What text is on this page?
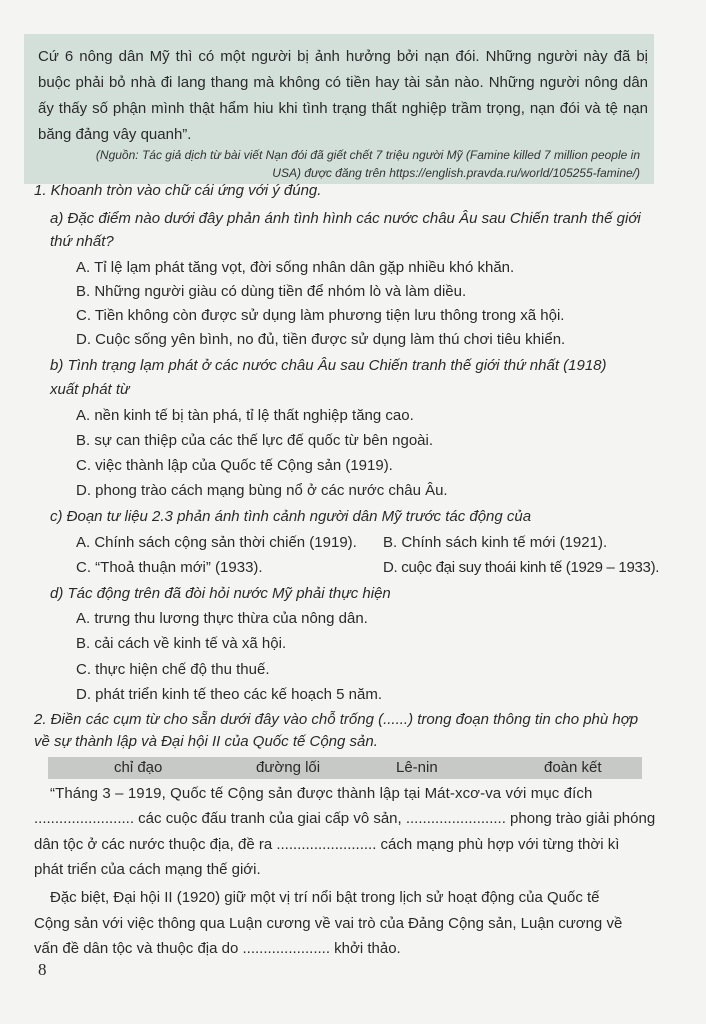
Cứ 6 nông dân Mỹ thì có một người bị ảnh hưởng bởi nạn đói. Những người này đã bị buộc phải bỏ nhà đi lang thang mà không có tiền hay tài sản nào. Những người nông dân ấy thấy số phận mình thật hẩm hiu khi tình trạng thất nghiệp trầm trọng, nạn đói và tệ nạn băng đảng vây quanh”.
(Nguồn: Tác giả dịch từ bài viết Nạn đói đã giết chết 7 triệu người Mỹ (Famine killed 7 million people in
USA) được đăng trên https://english.pravda.ru/world/105255-famine/)
1. Khoanh tròn vào chữ cái ứng với ý đúng.
a) Đặc điểm nào dưới đây phản ánh tình hình các nước châu Âu sau Chiến tranh thế giới
thứ nhất?
A. Tỉ lệ lạm phát tăng vọt, đời sống nhân dân gặp nhiều khó khăn.
B. Những người giàu có dùng tiền để nhóm lò và làm diều.
C. Tiền không còn được sử dụng làm phương tiện lưu thông trong xã hội.
D. Cuộc sống yên bình, no đủ, tiền được sử dụng làm thú chơi tiêu khiển.
b) Tình trạng lạm phát ở các nước châu Âu sau Chiến tranh thế giới thứ nhất (1918)
xuất phát từ
A. nền kinh tế bị tàn phá, tỉ lệ thất nghiệp tăng cao.
B. sự can thiệp của các thế lực đế quốc từ bên ngoài.
C. việc thành lập của Quốc tế Cộng sản (1919).
D. phong trào cách mạng bùng nổ ở các nước châu Âu.
c) Đoạn tư liệu 2.3 phản ánh tình cảnh người dân Mỹ trước tác động của
A. Chính sách cộng sản thời chiến (1919). B. Chính sách kinh tế mới (1921).
C. “Thoả thuận mới” (1933).	D. cuộc đại suy thoái kinh tế (1929 – 1933).
d) Tác động trên đã đòi hỏi nước Mỹ phải thực hiện
A. trưng thu lương thực thừa của nông dân.
B. cải cách về kinh tế và xã hội.
C. thực hiện chế độ thu thuế.
D. phát triển kinh tế theo các kế hoạch 5 năm.
2. Điền các cụm từ cho sẵn dưới đây vào chỗ trống (......) trong đoạn thông tin cho phù hợp
về sự thành lập và Đại hội II của Quốc tế Cộng sản.
chỉ đạo	đường lối	Lê-nin	đoàn kết
“Tháng 3 – 1919, Quốc tế Cộng sản được thành lập tại Mát-xcơ-va với mục đích
........................ các cuộc đấu tranh của giai cấp vô sản, ........................ phong trào giải phóng
dân tộc ở các nước thuộc địa, đề ra ........................ cách mạng phù hợp với từng thời kì
phát triển của cách mạng thế giới.
Đặc biệt, Đại hội II (1920) giữ một vị trí nổi bật trong lịch sử hoạt động của Quốc tế
Cộng sản với việc thông qua Luận cương về vai trò của Đảng Cộng sản, Luận cương về
vấn đề dân tộc và thuộc địa do ..................... khởi thảo.
8
